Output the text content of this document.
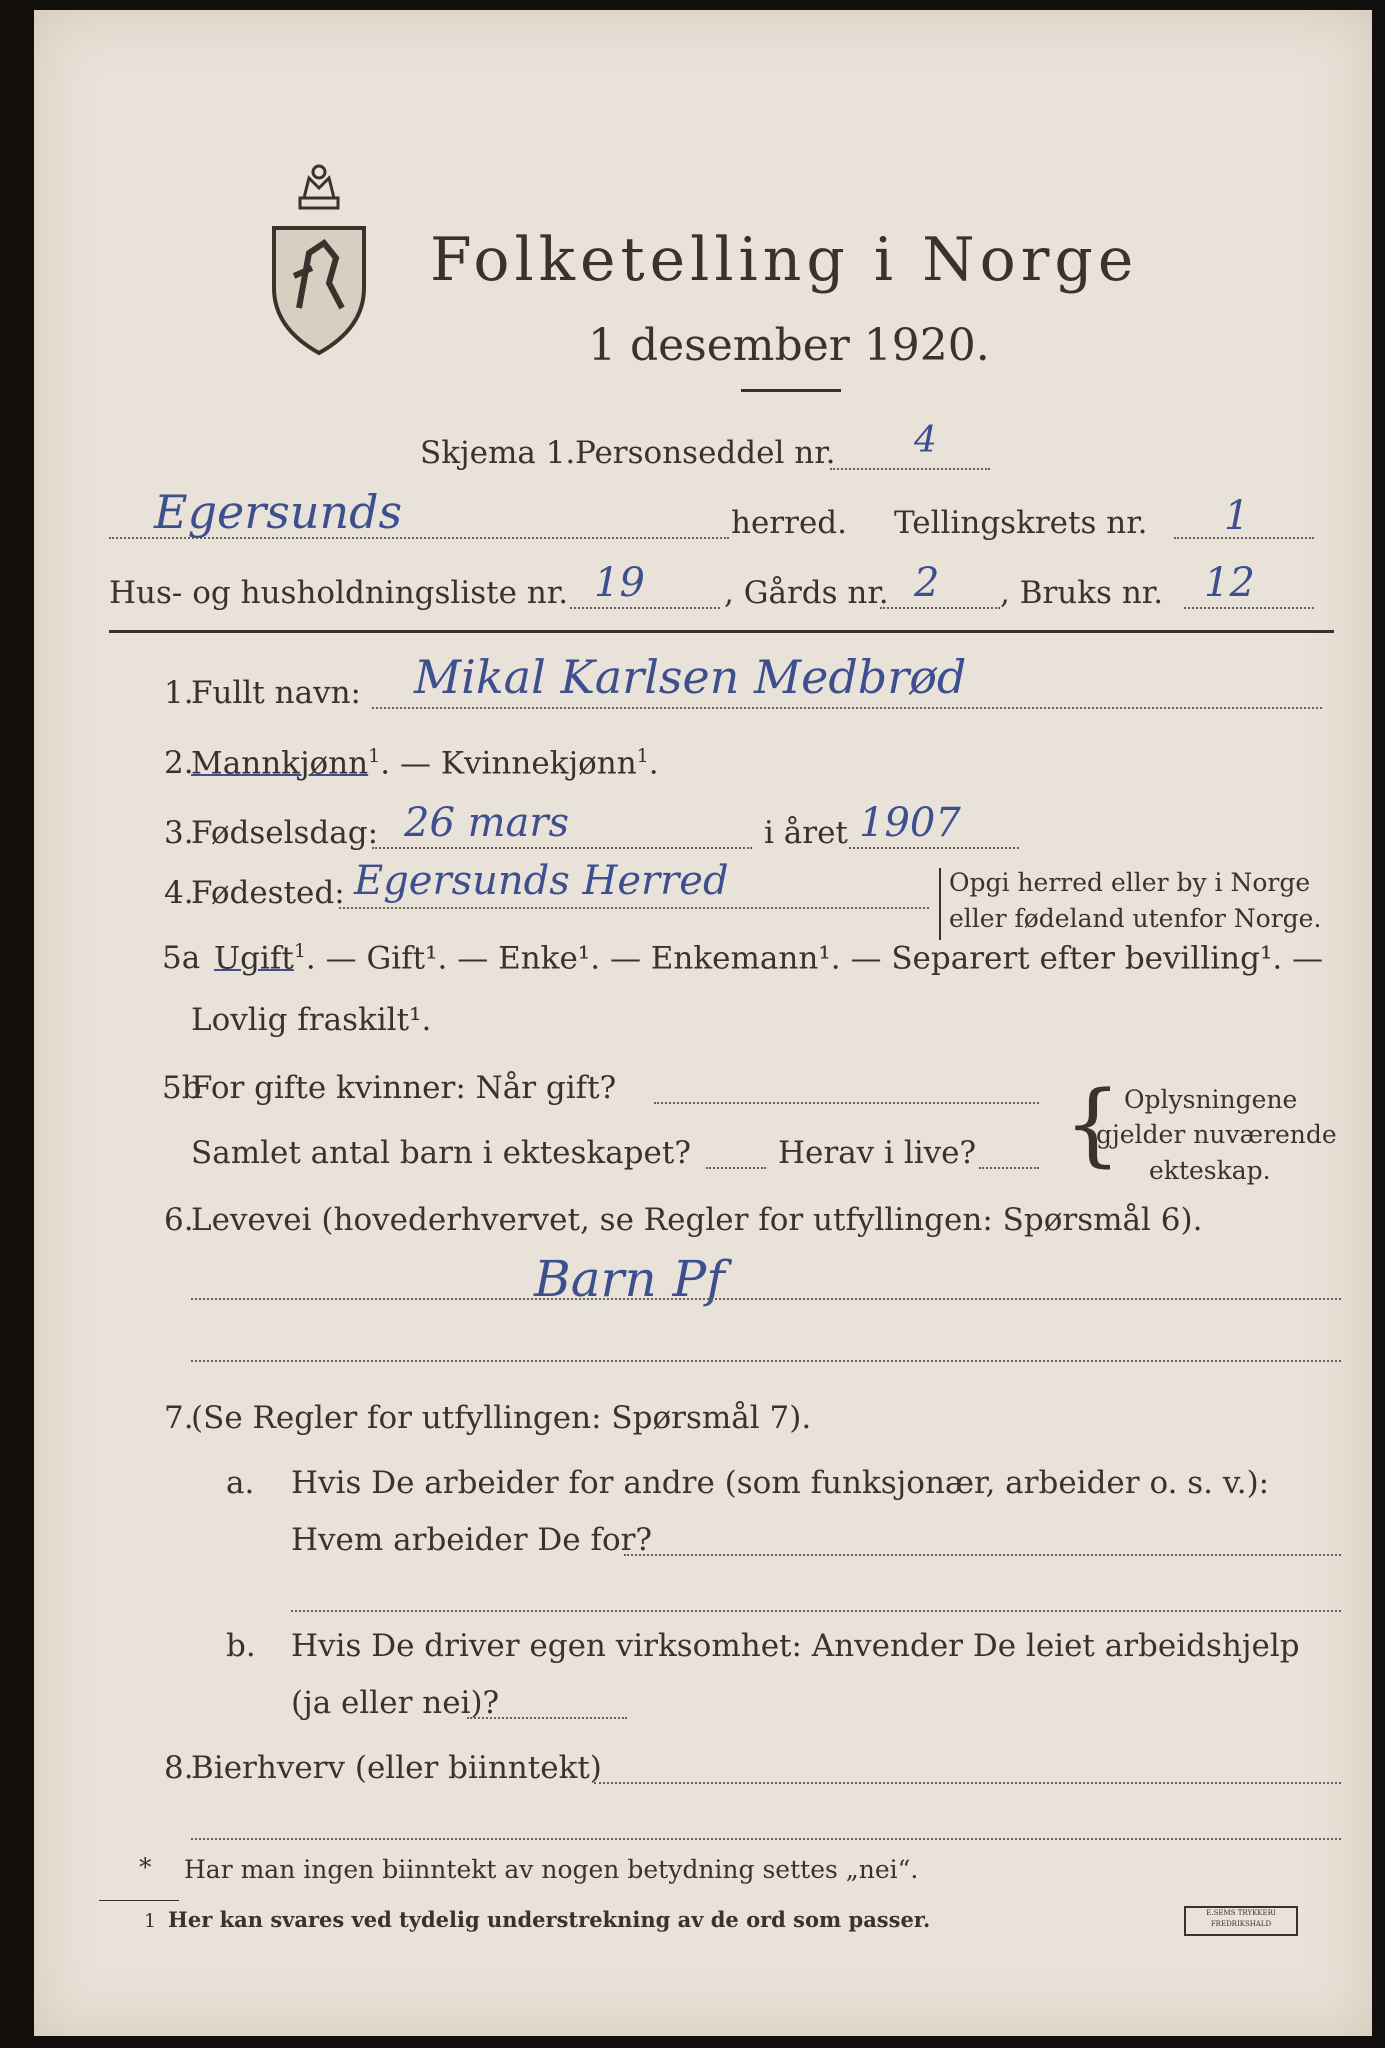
Folketelling i Norge
1 desember 1920.
Skjema 1. Personseddel nr. 4
Egersunds	herred. Tellingskrets nr. 1
Hus- og husholdningsliste nr. 19	, Gårds nr. 2 , Bruks nr. 12
1.
Fullt navn: Mikal Karlsen Medbrød
2.
Mannkjønn$^1$. — Kvinnekjønn$^1$.
3.
Fødselsdag: 26 mars	i året 1907
4.
Fødested: Egersunds Herred	Opgi herred eller by i Norge
eller fødeland utenfor Norge.
5a Ugift$^1$. — Gift¹. — Enke¹. — Enkemann¹. — Separert efter bevilling¹. —
Lovlig fraskilt¹.
5b
For gifte kvinner: Når gift?
Samlet antal barn i ekteskapet?	Herav i live? { Oplysningene
gjelder nuværende
ekteskap.
6.
Levevei (hovederhvervet, se Regler for utfyllingen: Spørsmål 6).
Barn Pf
7.
(Se Regler for utfyllingen: Spørsmål 7).
a. Hvis De arbeider for andre (som funksjonær, arbeider o. s. v.):
Hvem arbeider De for?
b. Hvis De driver egen virksomhet: Anvender De leiet arbeidshjelp
(ja eller nei)?
8.
Bierhverv (eller biinntekt)
* Har man ingen biinntekt av nogen betydning settes „nei“.
1 Her kan svares ved tydelig understrekning av de ord som passer.	E.SEMS TRYKKERI FREDRIKSHALD
